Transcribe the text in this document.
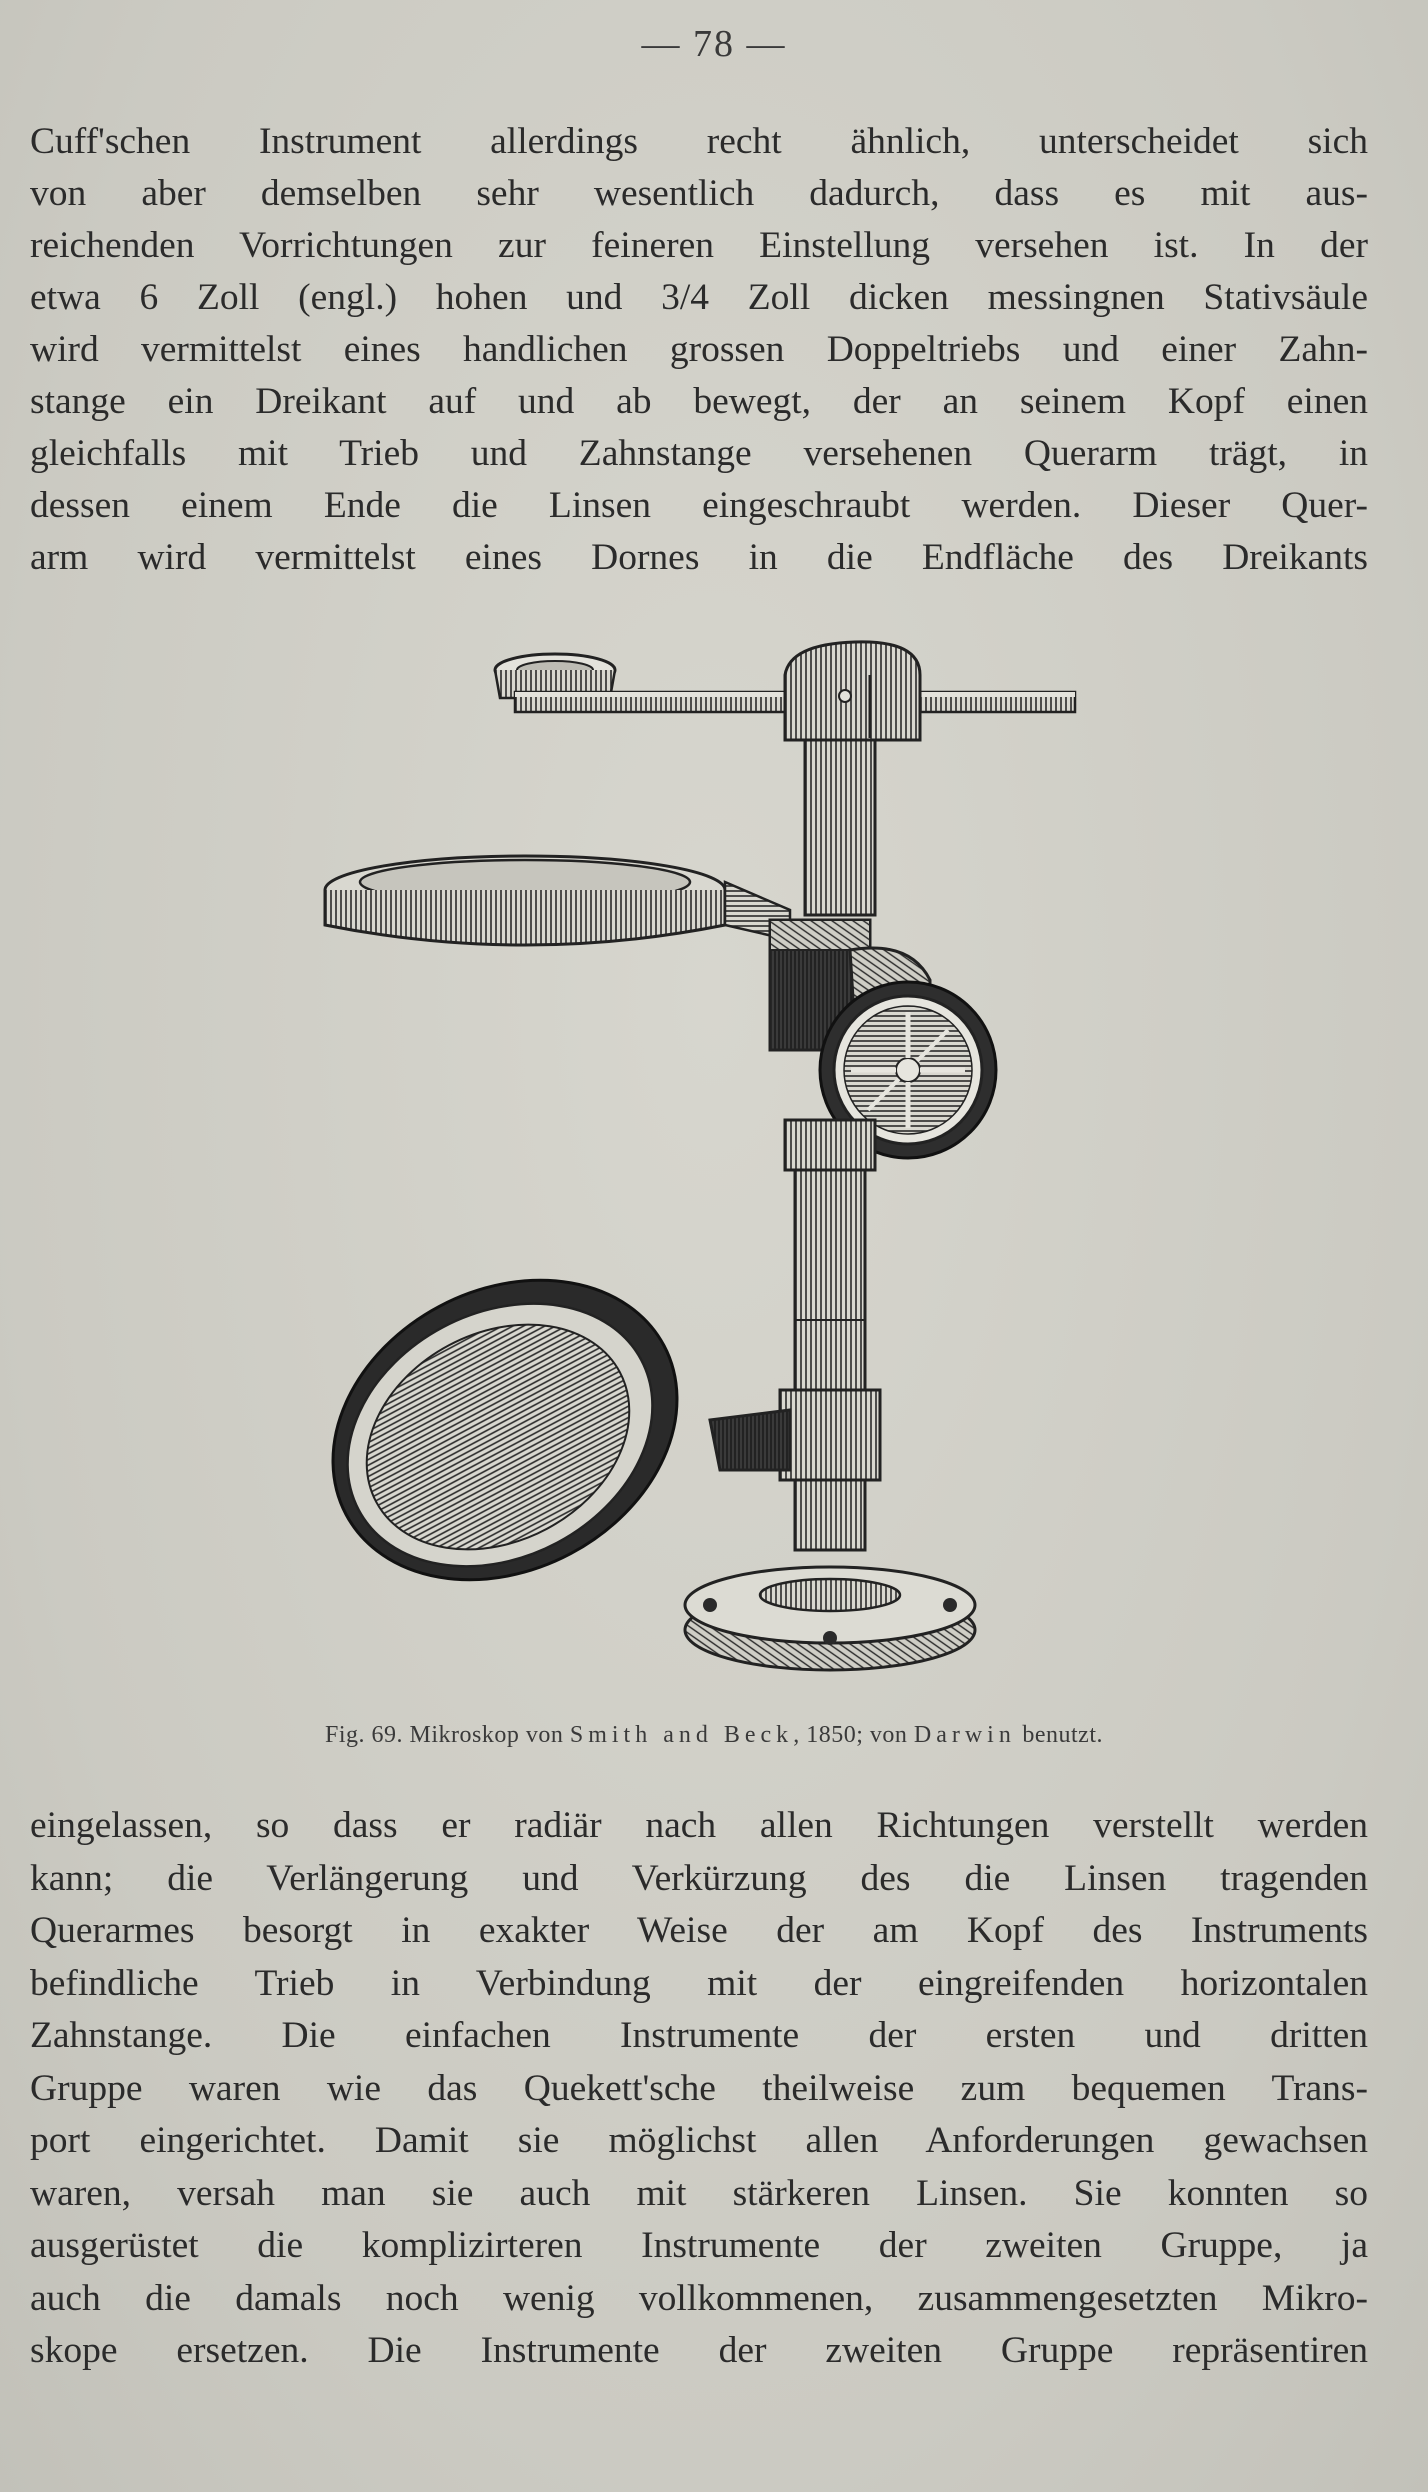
— 78 —
Cuff'schen Instrument allerdings recht ähnlich, unterscheidet sich
von aber demselben sehr wesentlich dadurch, dass es mit aus-
reichenden Vorrichtungen zur feineren Einstellung versehen ist. In der
etwa 6 Zoll (engl.) hohen und 3/4 Zoll dicken messingnen Stativsäule
wird vermittelst eines handlichen grossen Doppeltriebs und einer Zahn-
stange ein Dreikant auf und ab bewegt, der an seinem Kopf einen
gleichfalls mit Trieb und Zahnstange versehenen Querarm trägt, in
dessen einem Ende die Linsen eingeschraubt werden. Dieser Quer-
arm wird vermittelst eines Dornes in die Endfläche des Dreikants
Fig. 69. Mikroskop von Smith and Beck, 1850; von Darwin benutzt.
eingelassen, so dass er radiär nach allen Richtungen verstellt werden
kann; die Verlängerung und Verkürzung des die Linsen tragenden
Querarmes besorgt in exakter Weise der am Kopf des Instruments
befindliche Trieb in Verbindung mit der eingreifenden horizontalen
Zahnstange. Die einfachen Instrumente der ersten und dritten
Gruppe waren wie das Quekett'sche theilweise zum bequemen Trans-
port eingerichtet. Damit sie möglichst allen Anforderungen gewachsen
waren, versah man sie auch mit stärkeren Linsen. Sie konnten so
ausgerüstet die komplizirteren Instrumente der zweiten Gruppe, ja
auch die damals noch wenig vollkommenen, zusammengesetzten Mikro-
skope ersetzen. Die Instrumente der zweiten Gruppe repräsentiren
